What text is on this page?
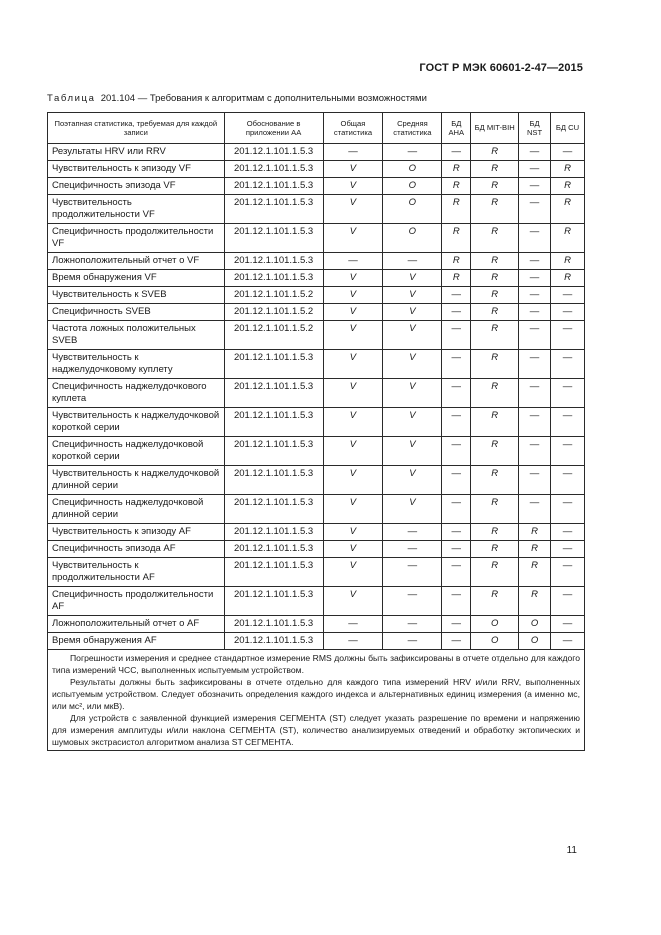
ГОСТ Р МЭК 60601-2-47—2015
Таблица 201.104 — Требования к алгоритмам с дополнительными возможностями
Поэтапная статистика, требуемая для каждой записи	Обоснование в приложении АА	Общая статистика	Средняя статистика	БД АНА	БД MIT-BIH	БД NST	БД CU
Результаты HRV или RRV	201.12.1.101.1.5.3	—	—	—	R	—	—
Чувствительность к эпизоду VF	201.12.1.101.1.5.3	V	O	R	R	—	R
Специфичность эпизода VF	201.12.1.101.1.5.3	V	O	R	R	—	R
Чувствительность продолжительности VF	201.12.1.101.1.5.3	V	O	R	R	—	R
Специфичность продолжительности VF	201.12.1.101.1.5.3	V	O	R	R	—	R
Ложноположительный отчет о VF	201.12.1.101.1.5.3	—	—	R	R	—	R
Время обнаружения VF	201.12.1.101.1.5.3	V	V	R	R	—	R
Чувствительность к SVEB	201.12.1.101.1.5.2	V	V	—	R	—	—
Специфичность SVEB	201.12.1.101.1.5.2	V	V	—	R	—	—
Частота ложных положительных SVEB	201.12.1.101.1.5.2	V	V	—	R	—	—
Чувствительность к наджелудочковому куплету	201.12.1.101.1.5.3	V	V	—	R	—	—
Специфичность наджелудочкового куплета	201.12.1.101.1.5.3	V	V	—	R	—	—
Чувствительность к наджелудочковой короткой серии	201.12.1.101.1.5.3	V	V	—	R	—	—
Специфичность наджелудочковой короткой серии	201.12.1.101.1.5.3	V	V	—	R	—	—
Чувствительность к наджелудочковой длинной серии	201.12.1.101.1.5.3	V	V	—	R	—	—
Специфичность наджелудочковой длинной серии	201.12.1.101.1.5.3	V	V	—	R	—	—
Чувствительность к эпизоду AF	201.12.1.101.1.5.3	V	—	—	R	R	—
Специфичность эпизода AF	201.12.1.101.1.5.3	V	—	—	R	R	—
Чувствительность к продолжительности AF	201.12.1.101.1.5.3	V	—	—	R	R	—
Специфичность продолжительности AF	201.12.1.101.1.5.3	V	—	—	R	R	—
Ложноположительный отчет о AF	201.12.1.101.1.5.3	—	—	—	O	O	—
Время обнаружения AF	201.12.1.101.1.5.3	—	—	—	O	O	—

Погрешности измерения и среднее стандартное измерение RMS должны быть зафиксированы в отчете отдельно для каждого типа измерений ЧСС, выполненных испытуемым устройством.

Результаты должны быть зафиксированы в отчете отдельно для каждого типа измерений HRV и/или RRV, выполненных испытуемым устройством. Следует обозначить определения каждого индекса и альтернативных единиц измерения (а именно мс, или мс², или мкВ).

Для устройств с заявленной функцией измерения СЕГМЕНТА (ST) следует указать разрешение по времени и напряжению для измерения амплитуды и/или наклона СЕГМЕНТА (ST), количество анализируемых отведений и обработку эктопических и шумовых экстрасистол алгоритмом анализа ST СЕГМЕНТА.							

11
